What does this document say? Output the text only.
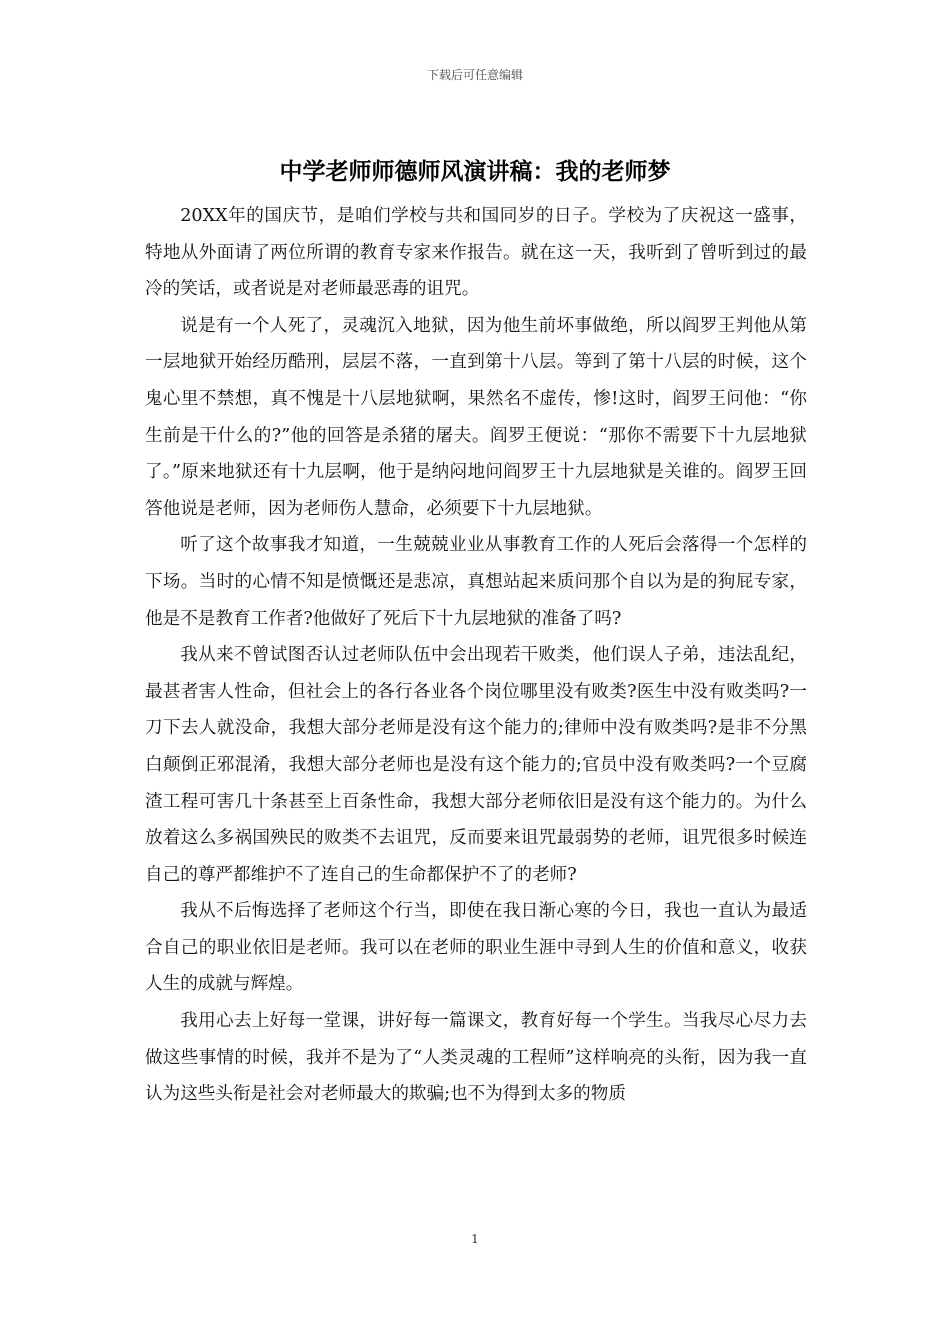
下载后可任意编辑
中学老师师德师风演讲稿：我的老师梦

20XX年的国庆节，是咱们学校与共和国同岁的日子。学校为了庆祝这一盛事，特地从外面请了两位所谓的教育专家来作报告。就在这一天，我听到了曾听到过的最冷的笑话，或者说是对老师最恶毒的诅咒。

说是有一个人死了，灵魂沉入地狱，因为他生前坏事做绝，所以阎罗王判他从第一层地狱开始经历酷刑，层层不落，一直到第十八层。等到了第十八层的时候，这个鬼心里不禁想，真不愧是十八层地狱啊，果然名不虚传，惨!这时，阎罗王问他：“你生前是干什么的?”他的回答是杀猪的屠夫。阎罗王便说：“那你不需要下十九层地狱了。”原来地狱还有十九层啊，他于是纳闷地问阎罗王十九层地狱是关谁的。阎罗王回答他说是老师，因为老师伤人慧命，必须要下十九层地狱。

听了这个故事我才知道，一生兢兢业业从事教育工作的人死后会落得一个怎样的下场。当时的心情不知是愤慨还是悲凉，真想站起来质问那个自以为是的狗屁专家，他是不是教育工作者?他做好了死后下十九层地狱的准备了吗?

我从来不曾试图否认过老师队伍中会出现若干败类，他们误人子弟，违法乱纪，最甚者害人性命，但社会上的各行各业各个岗位哪里没有败类?医生中没有败类吗?一刀下去人就没命，我想大部分老师是没有这个能力的;律师中没有败类吗?是非不分黑白颠倒正邪混淆，我想大部分老师也是没有这个能力的;官员中没有败类吗?一个豆腐渣工程可害几十条甚至上百条性命，我想大部分老师依旧是没有这个能力的。为什么放着这么多祸国殃民的败类不去诅咒，反而要来诅咒最弱势的老师，诅咒很多时候连自己的尊严都维护不了连自己的生命都保护不了的老师?

我从不后悔选择了老师这个行当，即使在我日渐心寒的今日，我也一直认为最适合自己的职业依旧是老师。我可以在老师的职业生涯中寻到人生的价值和意义，收获人生的成就与辉煌。

我用心去上好每一堂课，讲好每一篇课文，教育好每一个学生。当我尽心尽力去做这些事情的时候，我并不是为了“人类灵魂的工程师”这样响亮的头衔，因为我一直认为这些头衔是社会对老师最大的欺骗;也不为得到太多的物质

1
